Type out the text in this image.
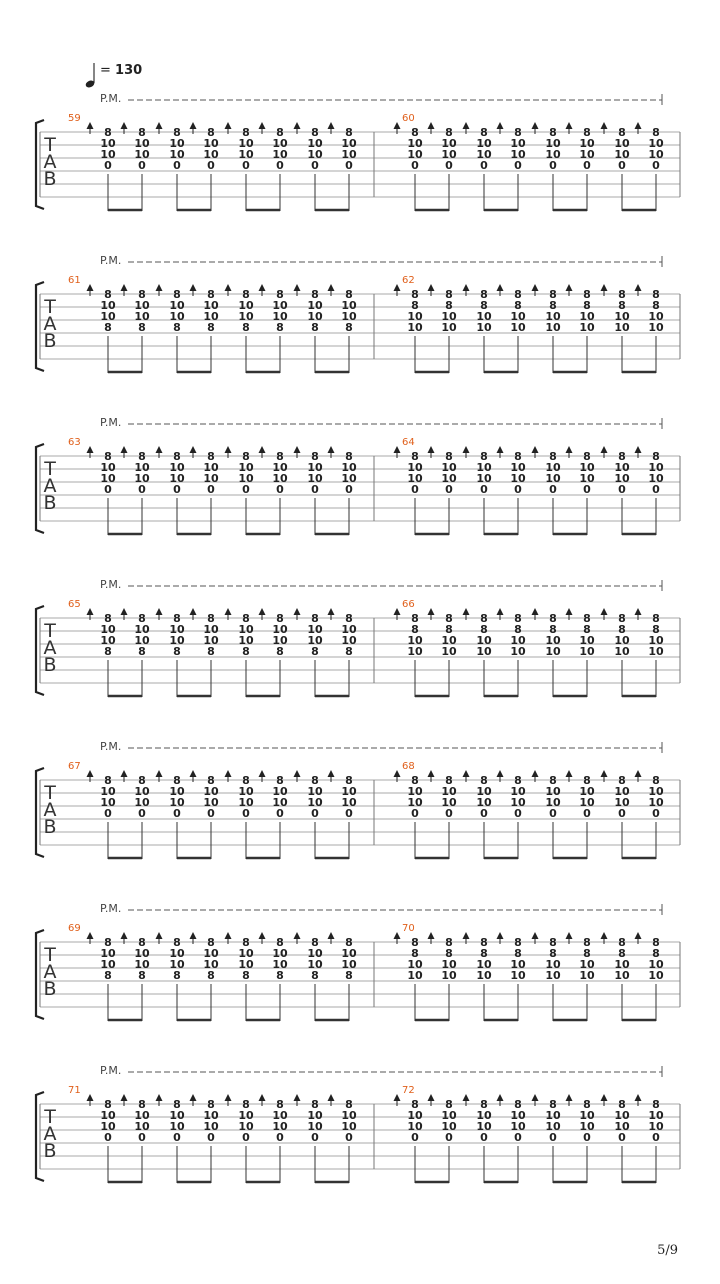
= 130
P.M.
T
A
B
59
8
10
10
0
8
10
10
0
8
10
10
0
8
10
10
0
8
10
10
0
8
10
10
0
8
10
10
0
8
10
10
0
60
8
10
10
0
8
10
10
0
8
10
10
0
8
10
10
0
8
10
10
0
8
10
10
0
8
10
10
0
8
10
10
0
P.M.
T
A
B
61
8
10
10
8
8
10
10
8
8
10
10
8
8
10
10
8
8
10
10
8
8
10
10
8
8
10
10
8
8
10
10
8
62
8
8
10
10
8
8
10
10
8
8
10
10
8
8
10
10
8
8
10
10
8
8
10
10
8
8
10
10
8
8
10
10
P.M.
T
A
B
63
8
10
10
0
8
10
10
0
8
10
10
0
8
10
10
0
8
10
10
0
8
10
10
0
8
10
10
0
8
10
10
0
64
8
10
10
0
8
10
10
0
8
10
10
0
8
10
10
0
8
10
10
0
8
10
10
0
8
10
10
0
8
10
10
0
P.M.
T
A
B
65
8
10
10
8
8
10
10
8
8
10
10
8
8
10
10
8
8
10
10
8
8
10
10
8
8
10
10
8
8
10
10
8
66
8
8
10
10
8
8
10
10
8
8
10
10
8
8
10
10
8
8
10
10
8
8
10
10
8
8
10
10
8
8
10
10
P.M.
T
A
B
67
8
10
10
0
8
10
10
0
8
10
10
0
8
10
10
0
8
10
10
0
8
10
10
0
8
10
10
0
8
10
10
0
68
8
10
10
0
8
10
10
0
8
10
10
0
8
10
10
0
8
10
10
0
8
10
10
0
8
10
10
0
8
10
10
0
P.M.
T
A
B
69
8
10
10
8
8
10
10
8
8
10
10
8
8
10
10
8
8
10
10
8
8
10
10
8
8
10
10
8
8
10
10
8
70
8
8
10
10
8
8
10
10
8
8
10
10
8
8
10
10
8
8
10
10
8
8
10
10
8
8
10
10
8
8
10
10
P.M.
T
A
B
71
8
10
10
0
8
10
10
0
8
10
10
0
8
10
10
0
8
10
10
0
8
10
10
0
8
10
10
0
8
10
10
0
72
8
10
10
0
8
10
10
0
8
10
10
0
8
10
10
0
8
10
10
0
8
10
10
0
8
10
10
0
8
10
10
0
5/9
